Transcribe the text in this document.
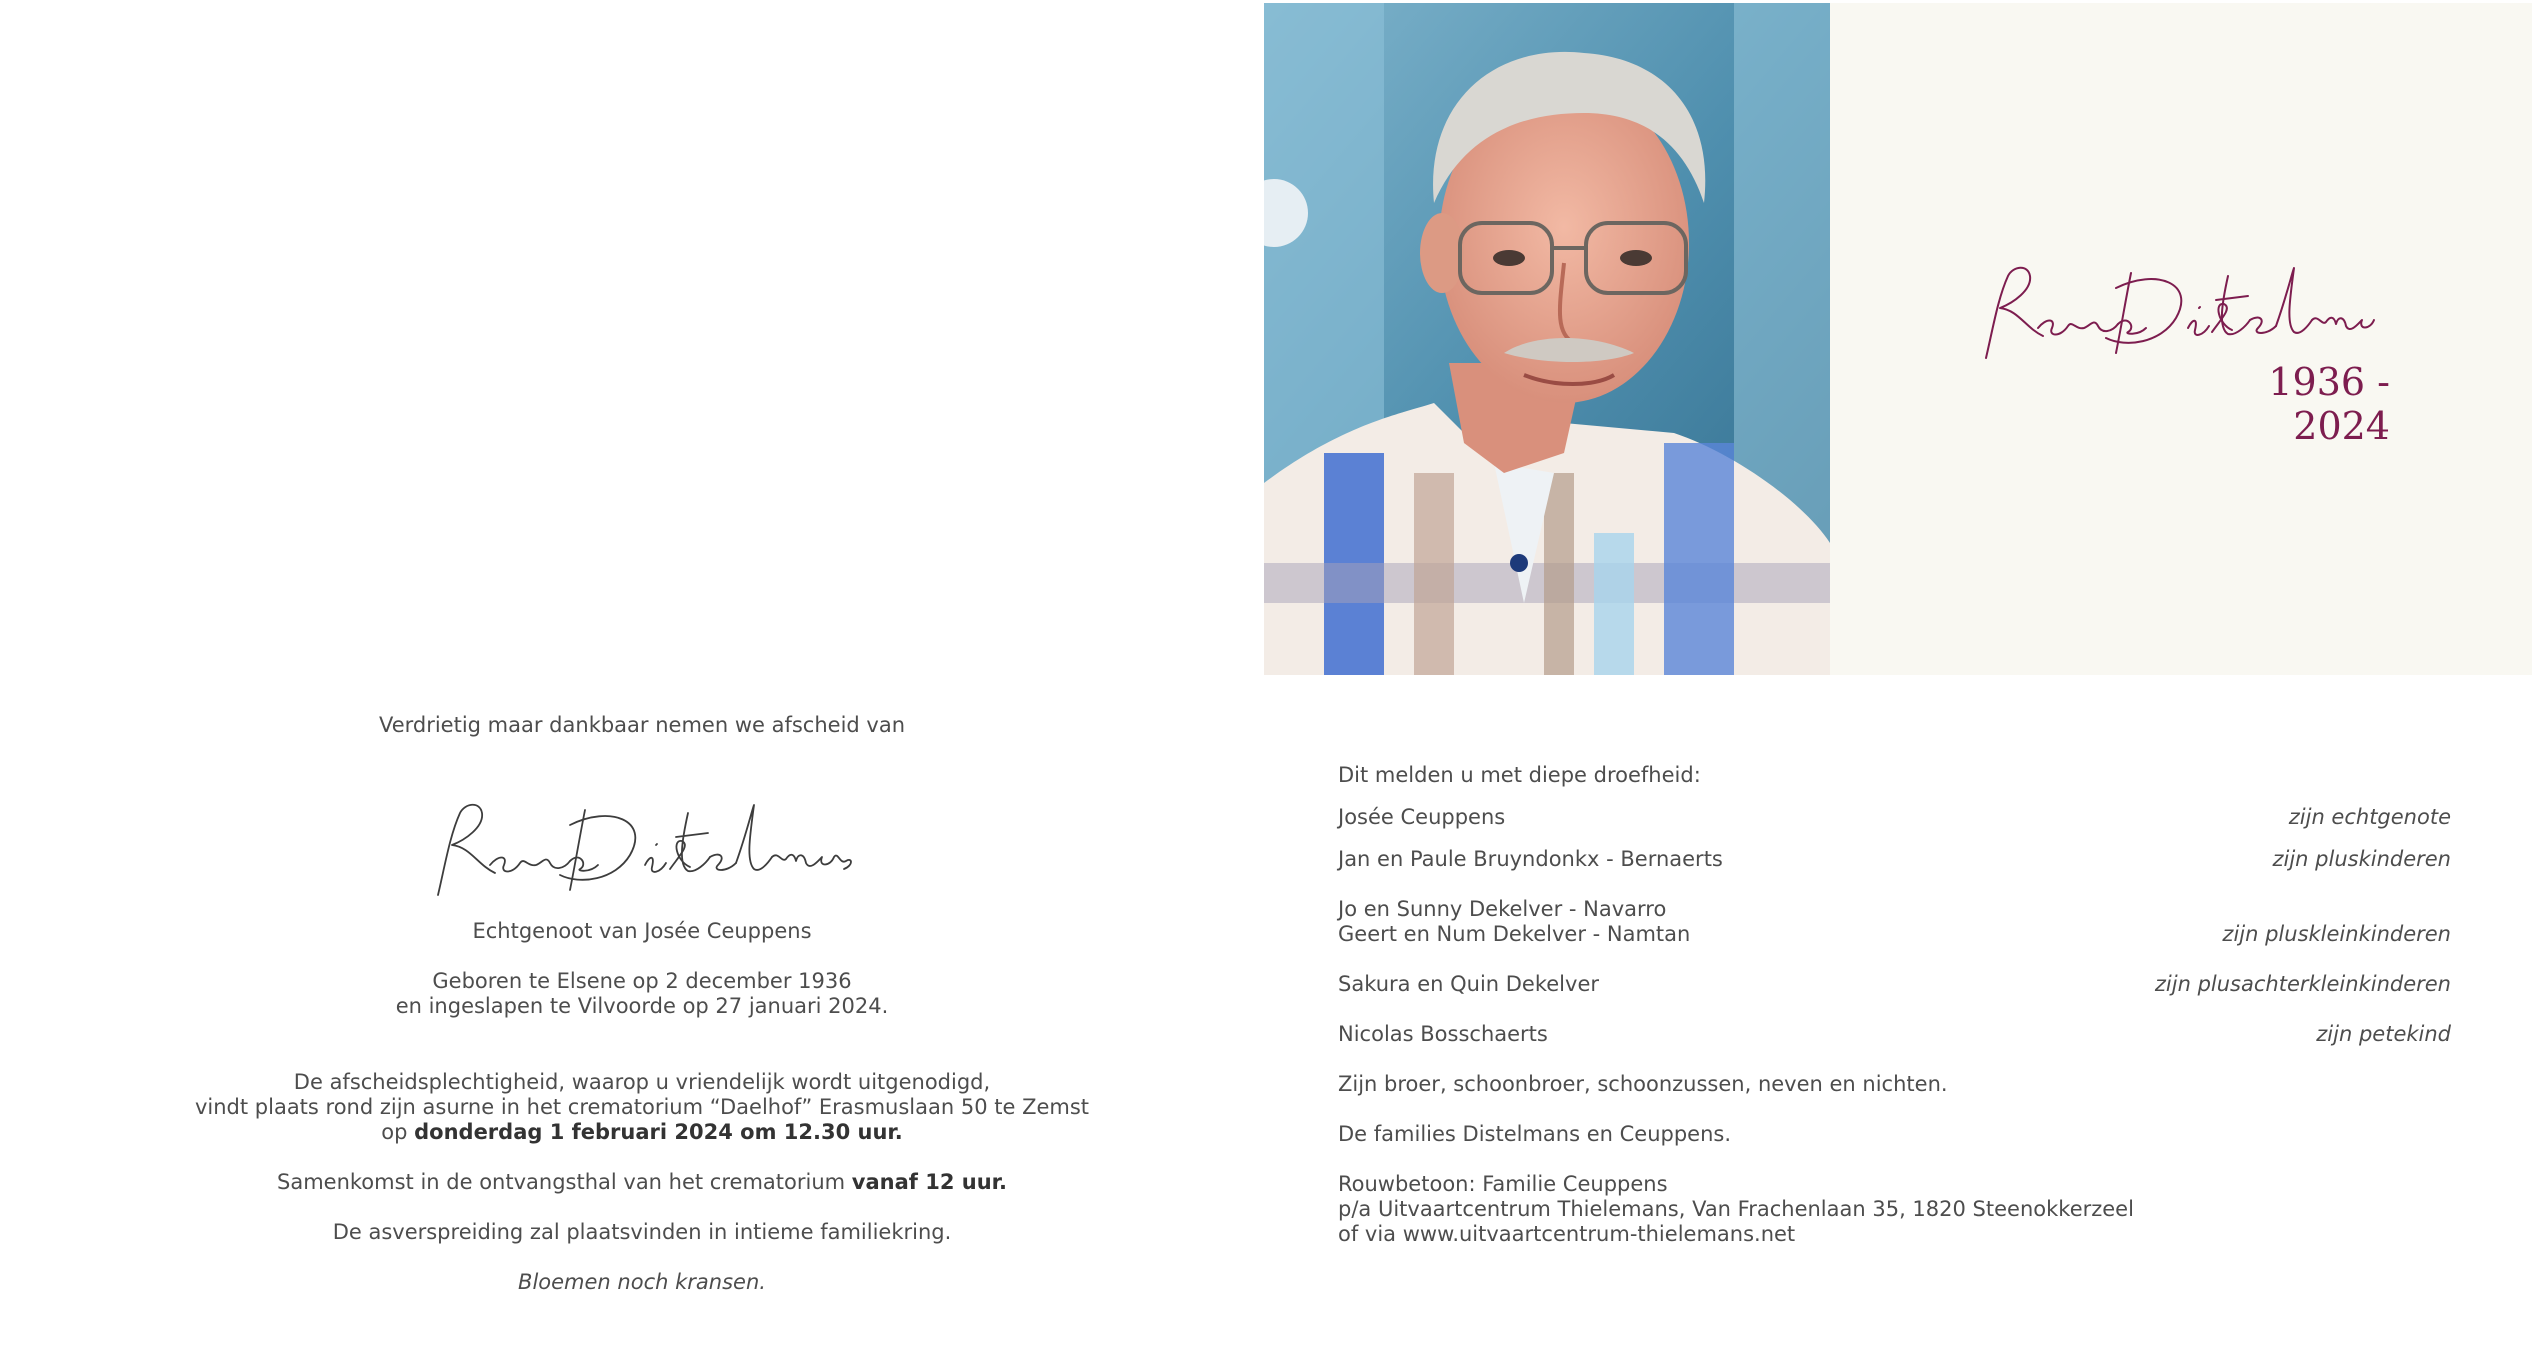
Verdrietig maar dankbaar nemen we afscheid van
Echtgenoot van Josée Ceuppens
Geboren te Elsene op 2 december 1936
en ingeslapen te Vilvoorde op 27 januari 2024.
De afscheidsplechtigheid, waarop u vriendelijk wordt uitgenodigd,
vindt plaats rond zijn asurne in het crematorium “Daelhof” Erasmuslaan 50 te Zemst
op donderdag 1 februari 2024 om 12.30 uur.
Samenkomst in de ontvangsthal van het crematorium vanaf 12 uur.
De asverspreiding zal plaatsvinden in intieme familiekring.
Bloemen noch kransen.
1936 - 2024
Dit melden u met diepe droefheid:
Josée Ceuppens	zijn echtgenote
Jan en Paule Bruyndonkx - Bernaerts	zijn pluskinderen
Jo en Sunny Dekelver - Navarro
Geert en Num Dekelver - Namtan	zijn pluskleinkinderen
Sakura en Quin Dekelver	zijn plusachterkleinkinderen
Nicolas Bosschaerts	zijn petekind
Zijn broer, schoonbroer, schoonzussen, neven en nichten.
De families Distelmans en Ceuppens.
Rouwbetoon: Familie Ceuppens
p/a Uitvaartcentrum Thielemans, Van Frachenlaan 35, 1820 Steenokkerzeel
of via www.uitvaartcentrum-thielemans.net
